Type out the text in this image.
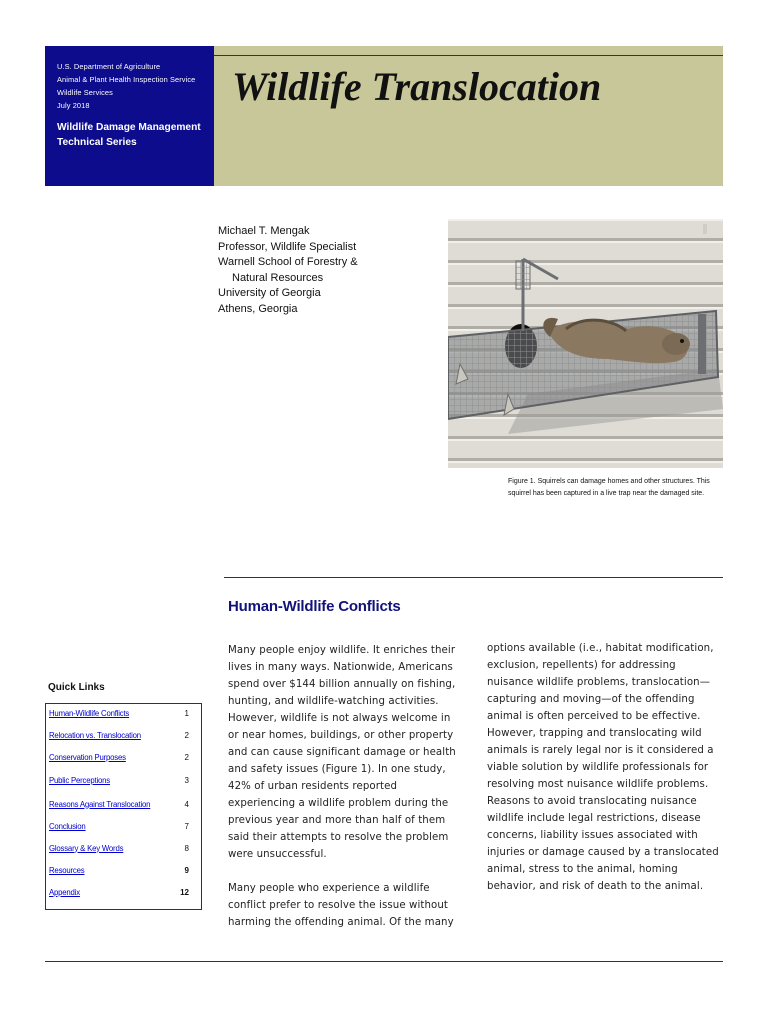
U.S. Department of Agriculture
Animal & Plant Health Inspection Service
Wildlife Services
July 2018
Wildlife Damage Management
Technical Series
Wildlife Translocation
Michael T. Mengak
Professor, Wildlife Specialist
Warnell School of Forestry &
Natural Resources
University of Georgia
Athens, Georgia
Figure 1. Squirrels can damage homes and other structures. This squirrel has been captured in a live trap near the damaged site.
Human-Wildlife Conflicts

Many people enjoy wildlife. It enriches their lives in many ways. Nationwide, Americans spend over $144 billion annually on fishing, hunting, and wildlife-watching activities. However, wildlife is not always welcome in or near homes, buildings, or other property and can cause significant damage or health and safety issues (Figure 1). In one study, 42% of urban residents reported experiencing a wildlife problem during the previous year and more than half of them said their attempts to resolve the problem were unsuccessful.

Many people who experience a wildlife conflict prefer to resolve the issue without harming the offending animal. Of the many

options available (i.e., habitat modification, exclusion, repellents) for addressing nuisance wildlife problems, translocation—capturing and moving—of the offending animal is often perceived to be effective. However, trapping and translocating wild animals is rarely legal nor is it considered a viable solution by wildlife professionals for resolving most nuisance wildlife problems. Reasons to avoid translocating nuisance wildlife include legal restrictions, disease concerns, liability issues associated with injuries or damage caused by a translocated animal, stress to the animal, homing behavior, and risk of death to the animal.

Quick Links
Human-Wildlife Conflicts	1
Relocation vs. Translocation	2
Conservation Purposes	2
Public Perceptions	3
Reasons Against Translocation	4
Conclusion	7
Glossary & Key Words	8
Resources	9
Appendix	12
